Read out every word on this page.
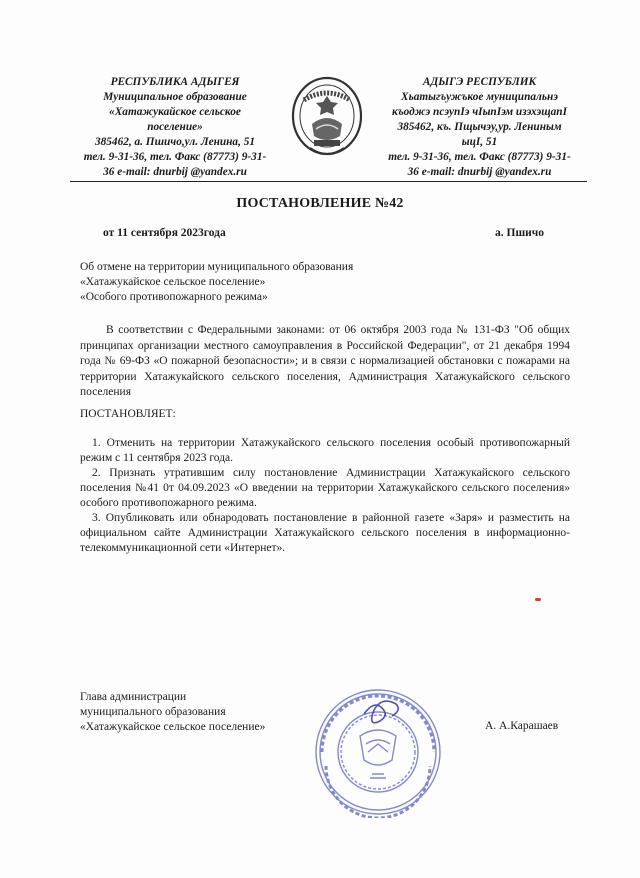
РЕСПУБЛИКА АДЫГЕЯ
Муниципальное образование
«Хатажукайское сельское
поселение»
385462, а. Пшичо,ул. Ленина, 51
тел. 9-31-36, тел. Факс (87773) 9-31-
36 e-mail: dnurbij @yandex.ru
АДЫГЭ РЕСПУБЛИК
Хьатыгъужъкое муниципальнэ
къоджэ псэупIэ чIыпIэм изэхэщапI
385462, къ. Пщычэу,ур. Лениным
ыцI, 51
тел. 9-31-36, тел. Факс (87773) 9-31-
36 e-mail: dnurbij @yandex.ru
ПОСТАНОВЛЕНИЕ №42
от 11 сентября 2023года	а. Пшичо
Об отмене на территории муниципального образования
«Хатажукайское сельское поселение»
«Особого противопожарного режима»
В соответствии с Федеральными законами: от 06 октября 2003 года № 131-ФЗ "Об общих принципах организации местного самоуправления в Российской Федерации", от 21 декабря 1994 года № 69-ФЗ «О пожарной безопасности»; и в связи с нормализацией обстановки с пожарами на территории Хатажукайского сельского поселения, Администрация Хатажукайского сельского поселения
ПОСТАНОВЛЯЕТ:
1. Отменить на территории Хатажукайского сельского поселения особый противопожарный режим с 11 сентября 2023 года.
2. Признать утратившим силу постановление Администрации Хатажукайского сельского поселения №41 0т 04.09.2023 «О введении на территории Хатажукайского сельского поселения» особого противопожарного режима.
3. Опубликовать или обнародовать постановление в районной газете «Заря» и разместить на официальном сайте Администрации Хатажукайского сельского поселения в информационно-телекоммуникационной сети «Интернет».
Глава администрации
муниципального образования
«Хатажукайское сельское поселение»	А. А.Карашаев
